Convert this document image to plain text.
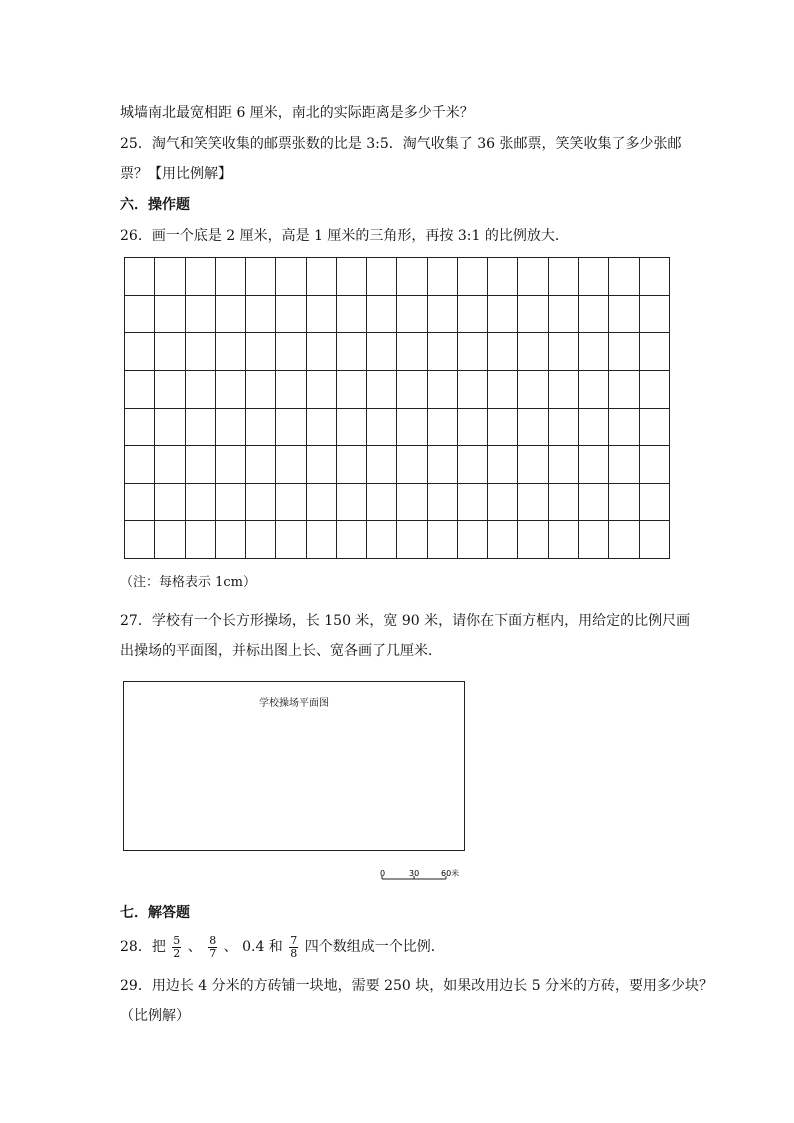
城墙南北最宽相距 6 厘米，南北的实际距离是多少千米？
25．淘气和笑笑收集的邮票张数的比是 3:5．淘气收集了 36 张邮票，笑笑收集了多少张邮
票？【用比例解】
六．操作题
26．画一个底是 2 厘米，高是 1 厘米的三角形，再按 3:1 的比例放大．

（注：每格表示 1cm）
27．学校有一个长方形操场，长 150 米，宽 90 米，请你在下面方框内，用给定的比例尺画
出操场的平面图，并标出图上长、宽各画了几厘米．
学校操场平面图
0	30	60米
七．解答题
28．把 $\frac{5}{2}$ 、 $\frac{8}{7}$ 、 0.4 和 $\frac{7}{8}$ 四个数组成一个比例．
29．用边长 4 分米的方砖铺一块地，需要 250 块，如果改用边长 5 分米的方砖，要用多少块？
（比例解）
